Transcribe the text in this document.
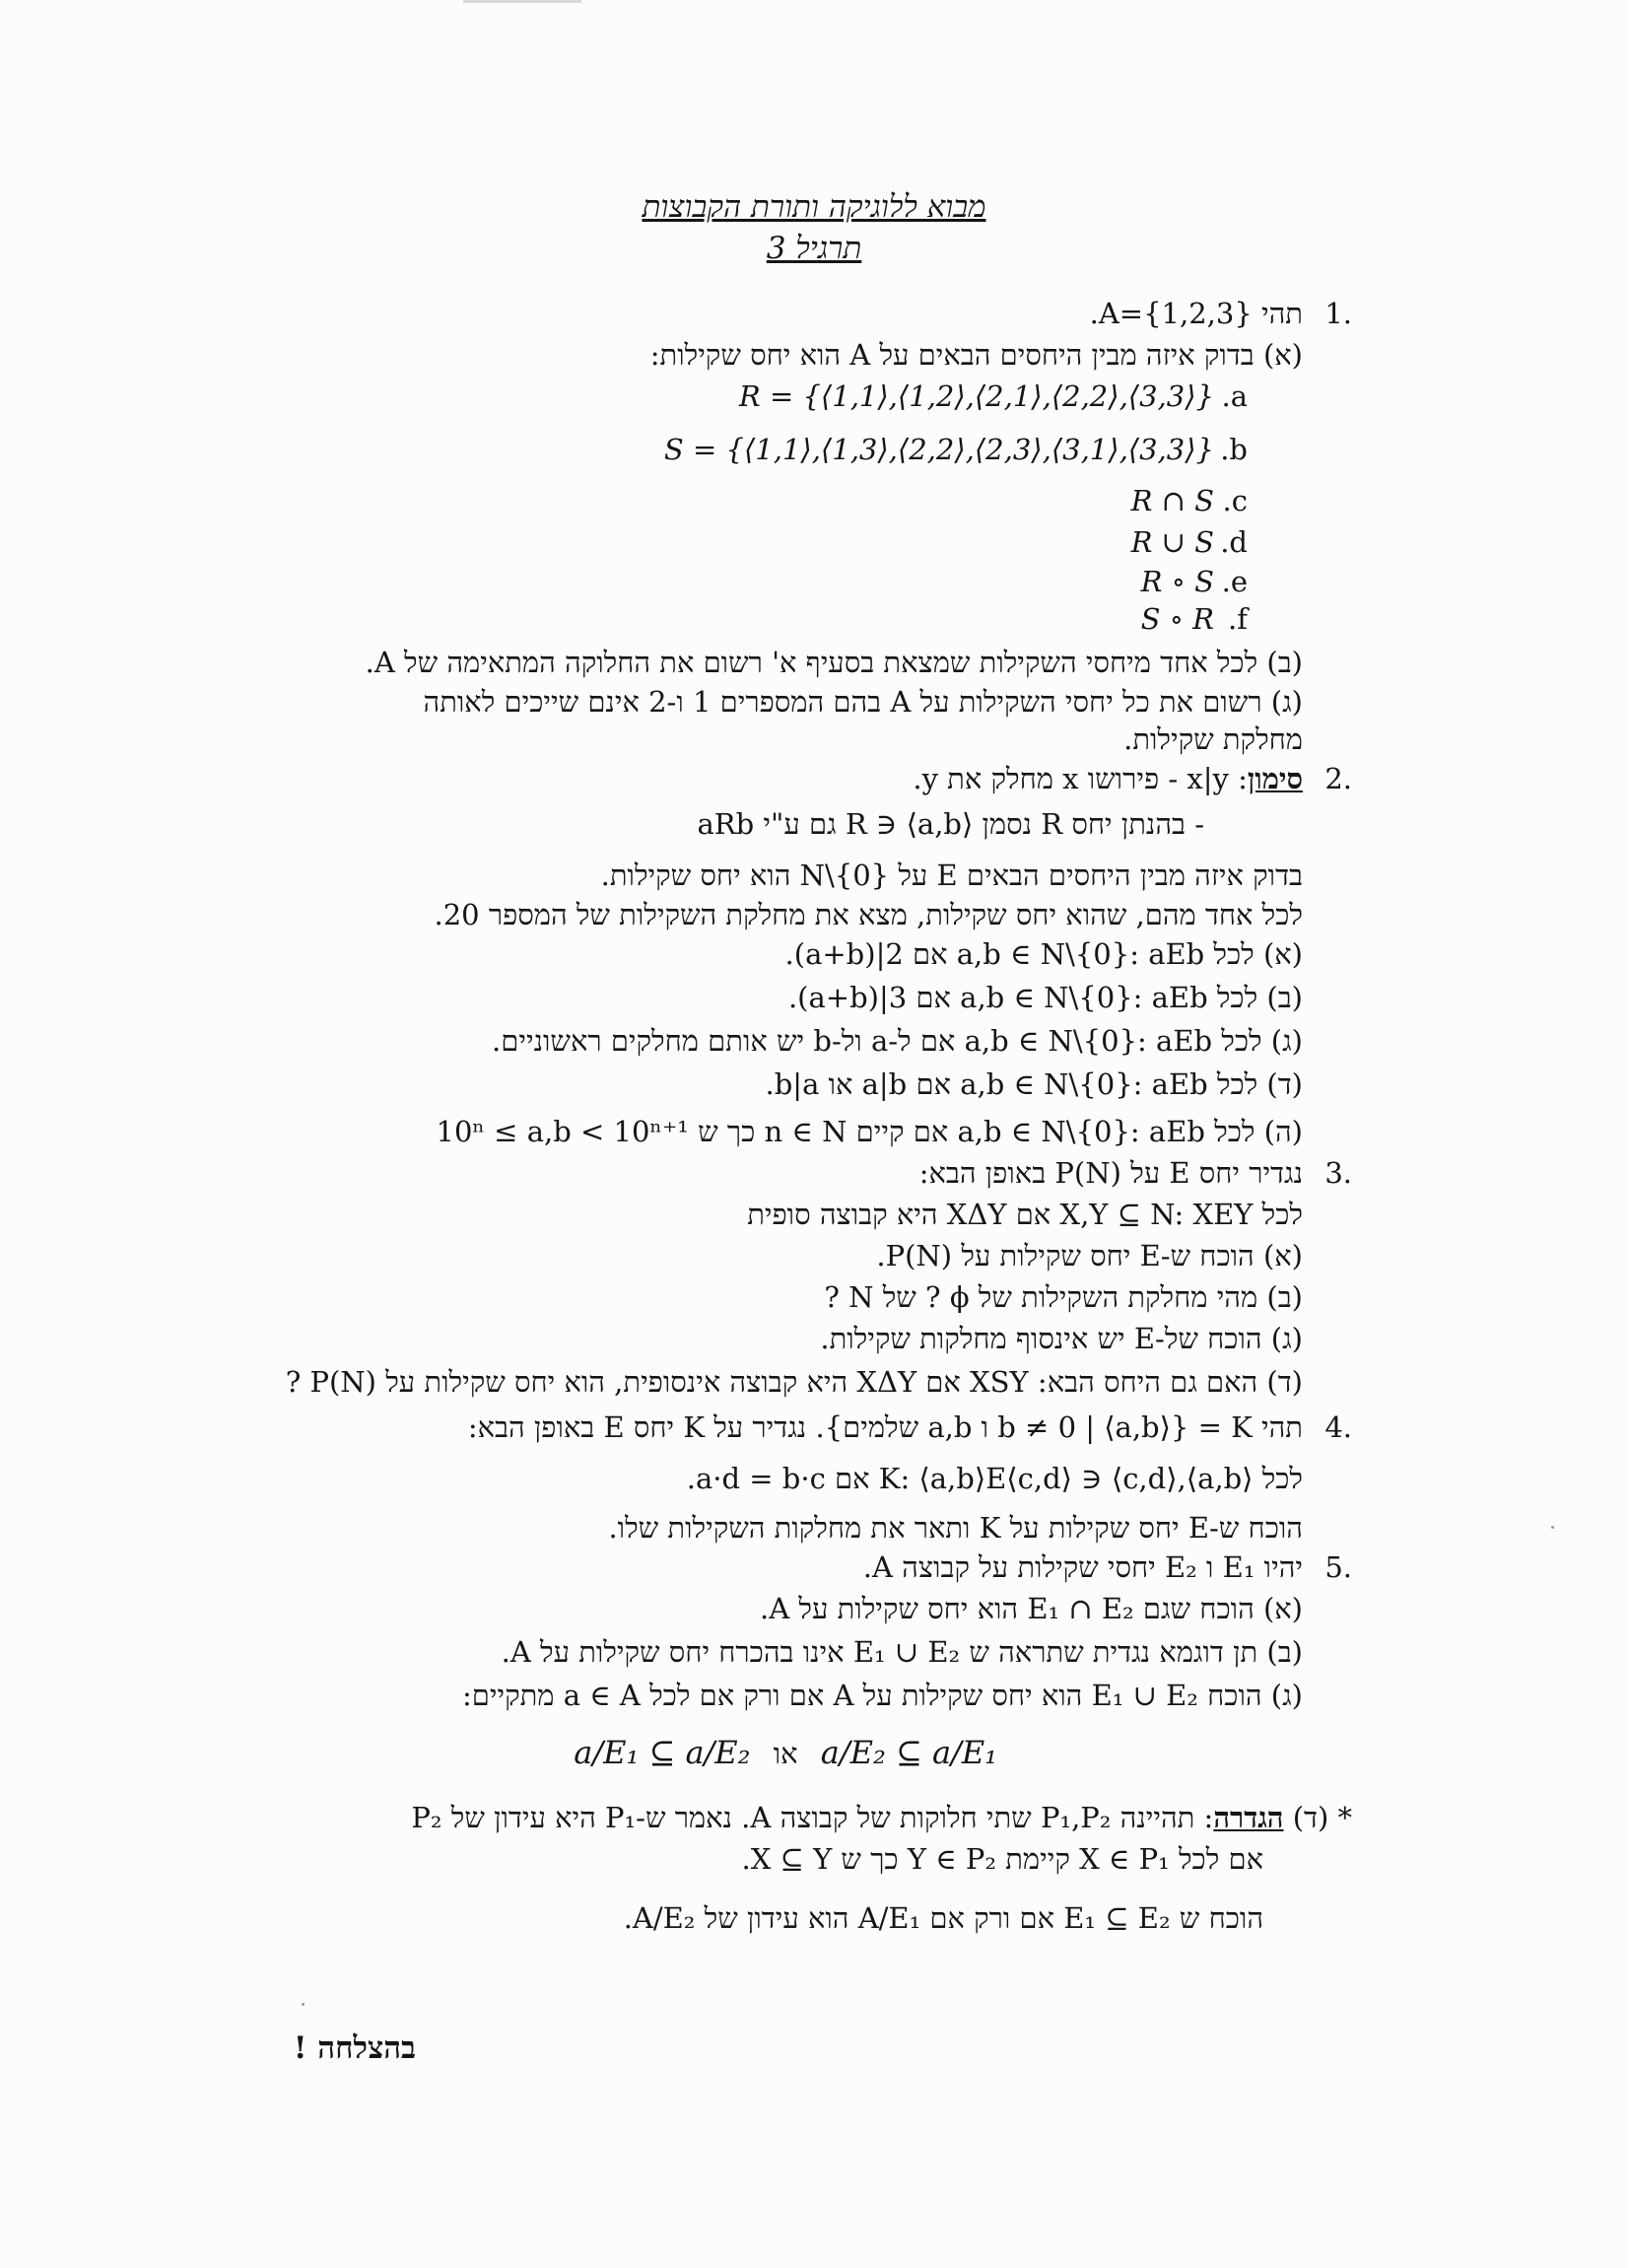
מבוא ללוגיקה ותורת הקבוצות
תרגיל 3
1.
תהי A={1,2,3}.
(א) בדוק איזה מבין היחסים הבאים על A הוא יחס שקילות:
.a
R = {⟨1,1⟩,⟨1,2⟩,⟨2,1⟩,⟨2,2⟩,⟨3,3⟩}
.b
S = {⟨1,1⟩,⟨1,3⟩,⟨2,2⟩,⟨2,3⟩,⟨3,1⟩,⟨3,3⟩}
.c
R ∩ S
.d
R ∪ S
.e
R ∘ S
.f
S ∘ R
(ב) לכל אחד מיחסי השקילות שמצאת בסעיף א' רשום את החלוקה המתאימה של A.
(ג) רשום את כל יחסי השקילות על A בהם המספרים 1 ו-2 אינם שייכים לאותה
מחלקת שקילות.
2.
סימון: x|y - פירושו x מחלק את y.
- בהנתן יחס R נסמן ⟨a,b⟩ ∈ R גם ע"י aRb
בדוק איזה מבין היחסים הבאים E על N\{0} הוא יחס שקילות.
לכל אחד מהם, שהוא יחס שקילות, מצא את מחלקת השקילות של המספר 20.
(א) לכל a,b ∈ N\{0}: aEb אם 2|(a+b).
(ב) לכל a,b ∈ N\{0}: aEb אם 3|(a+b).
(ג) לכל a,b ∈ N\{0}: aEb אם ל-a ול-b יש אותם מחלקים ראשוניים.
(ד) לכל a,b ∈ N\{0}: aEb אם a|b או b|a.
(ה) לכל a,b ∈ N\{0}: aEb אם קיים n ∈ N כך ש 10ⁿ ≤ a,b < 10ⁿ⁺¹
3.
נגדיר יחס E על P(N) באופן הבא:
לכל X,Y ⊆ N: XEY אם XΔY היא קבוצה סופית
(א) הוכח ש-E יחס שקילות על P(N).
(ב) מהי מחלקת השקילות של ϕ ? של N ?
(ג) הוכח של-E יש אינסוף מחלקות שקילות.
(ד) האם גם היחס הבא: XSY אם XΔY היא קבוצה אינסופית, הוא יחס שקילות על P(N) ?
4.
תהי K = {⟨a,b⟩ | b ≠ 0 ו a,b שלמים}. נגדיר על K יחס E באופן הבא:
לכל ⟨a,b⟩,⟨c,d⟩ ∈ K: ⟨a,b⟩E⟨c,d⟩ אם a·d = b·c.
הוכח ש-E יחס שקילות על K ותאר את מחלקות השקילות שלו.
5.
יהיו E₁ ו E₂ יחסי שקילות על קבוצה A.
(א) הוכח שגם E₁ ∩ E₂ הוא יחס שקילות על A.
(ב) תן דוגמא נגדית שתראה ש E₁ ∪ E₂ אינו בהכרח יחס שקילות על A.
(ג) הוכח E₁ ∪ E₂ הוא יחס שקילות על A אם ורק אם לכל a ∈ A מתקיים:
a/E₂ ⊆ a/E₁ או a/E₁ ⊆ a/E₂
* (ד) הגדרה: תהיינה P₁,P₂ שתי חלוקות של קבוצה A. נאמר ש-P₁ היא עידון של P₂
אם לכל X ∈ P₁ קיימת Y ∈ P₂ כך ש X ⊆ Y.
הוכח ש E₁ ⊆ E₂ אם ורק אם A/E₁ הוא עידון של A/E₂.
בהצלחה !
